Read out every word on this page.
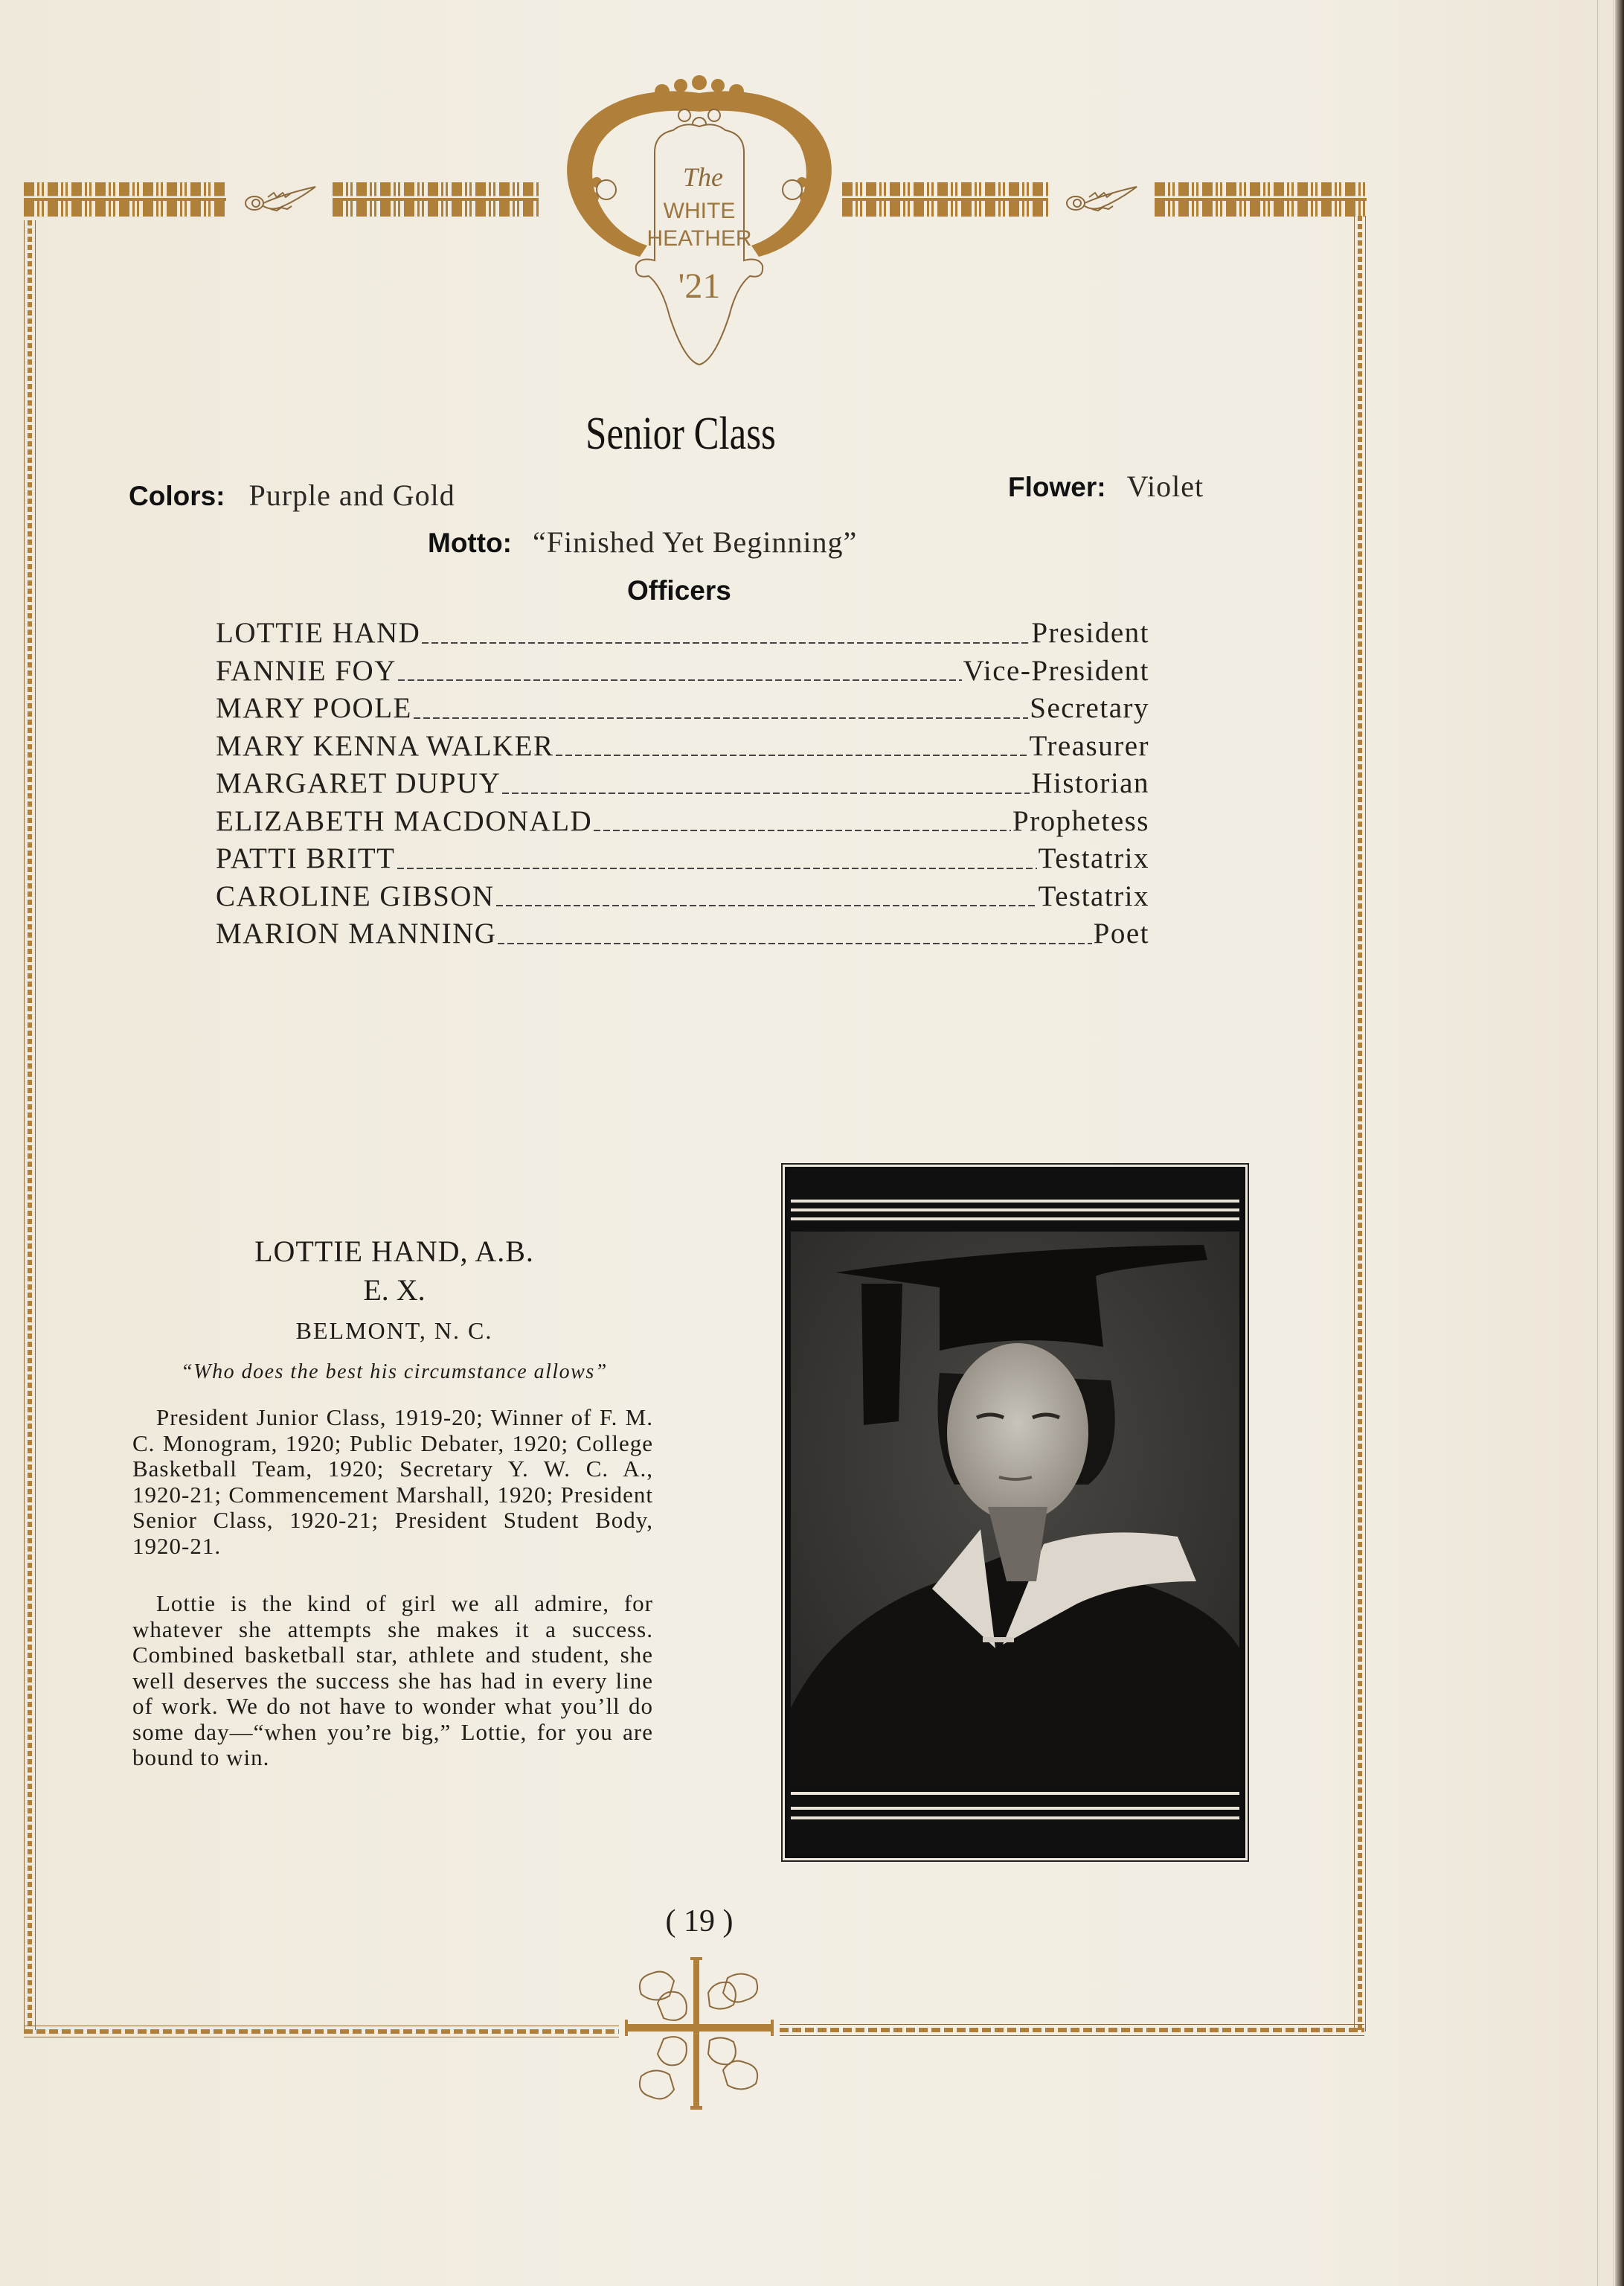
The
WHITE
HEATHER
'21
Senior Class
Colors: Purple and Gold	Flower: Violet
Motto: “Finished Yet Beginning”
Officers
LOTTIE HAND	President
FANNIE FOY	Vice-President
MARY POOLE	Secretary
MARY KENNA WALKER	Treasurer
MARGARET DUPUY	Historian
ELIZABETH MACDONALD	Prophetess
PATTI BRITT	Testatrix
CAROLINE GIBSON	Testatrix
MARION MANNING	Poet
LOTTIE HAND, A.B.
E. X.
BELMONT, N. C.
“Who does the best his circumstance allows”
President Junior Class, 1919-20; Winner of F. M. C. Monogram, 1920; Public Debater, 1920; College Basketball Team, 1920; Secretary Y. W. C. A., 1920-21; Commencement Marshall, 1920; President Senior Class, 1920-21; President Student Body, 1920-21.
Lottie is the kind of girl we all admire, for whatever she attempts she makes it a success. Combined basketball star, athlete and student, she well deserves the success she has had in every line of work. We do not have to wonder what you’ll do some day—“when you’re big,” Lottie, for you are bound to win.
( 19 )
